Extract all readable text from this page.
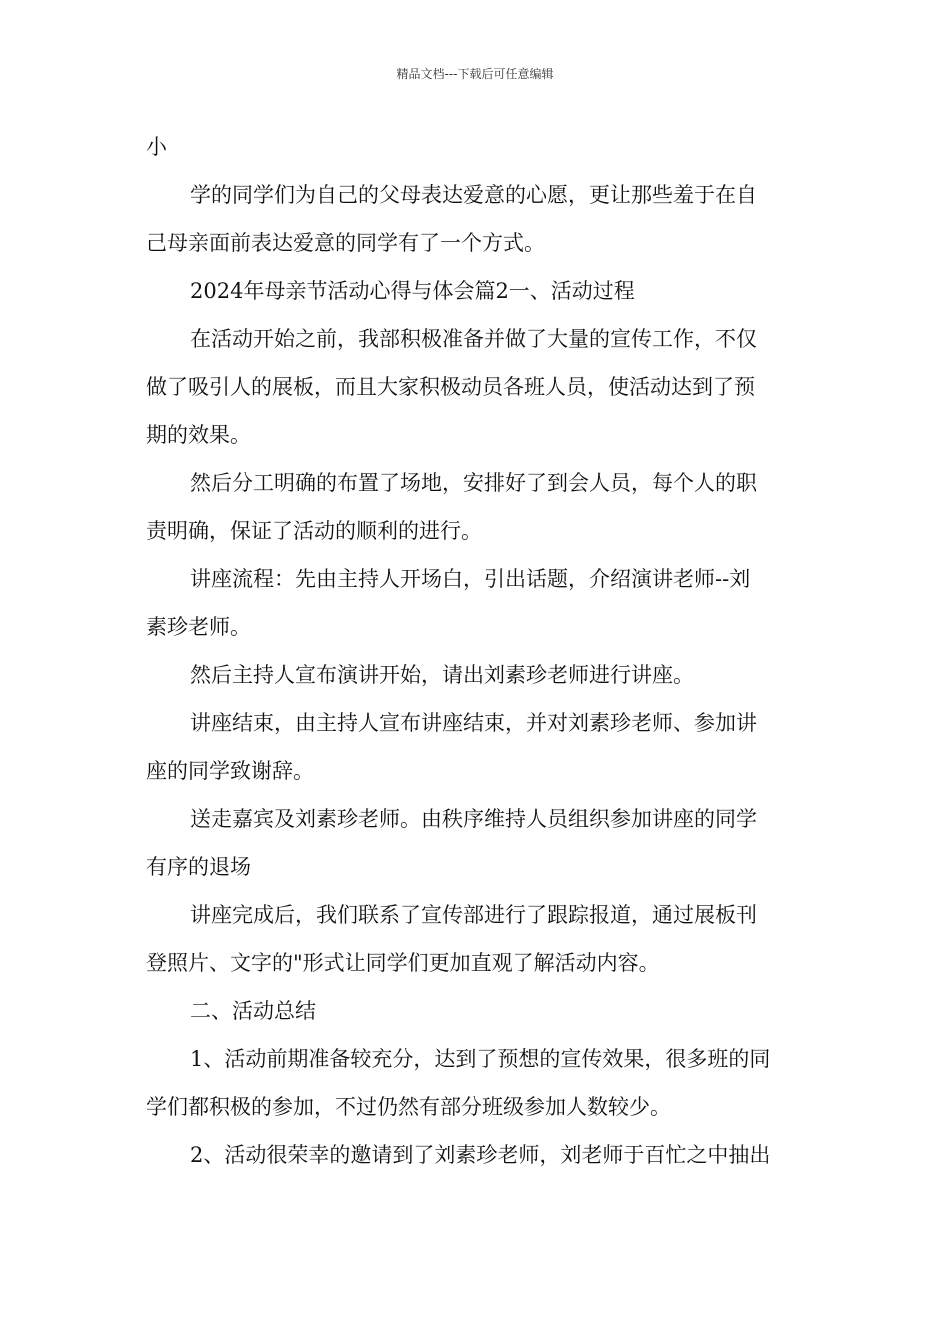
精品文档---下载后可任意编辑
小
学的同学们为自己的父母表达爱意的心愿，更让那些羞于在自
己母亲面前表达爱意的同学有了一个方式。
2024年母亲节活动心得与体会篇2一、活动过程
在活动开始之前，我部积极准备并做了大量的宣传工作，不仅
做了吸引人的展板，而且大家积极动员各班人员，使活动达到了预
期的效果。
然后分工明确的布置了场地，安排好了到会人员，每个人的职
责明确，保证了活动的顺利的进行。
讲座流程：先由主持人开场白，引出话题，介绍演讲老师--刘
素珍老师。
然后主持人宣布演讲开始，请出刘素珍老师进行讲座。
讲座结束，由主持人宣布讲座结束，并对刘素珍老师、参加讲
座的同学致谢辞。
送走嘉宾及刘素珍老师。由秩序维持人员组织参加讲座的同学
有序的退场
讲座完成后，我们联系了宣传部进行了跟踪报道，通过展板刊
登照片、文字的"形式让同学们更加直观了解活动内容。
二、活动总结
1、活动前期准备较充分，达到了预想的宣传效果，很多班的同
学们都积极的参加，不过仍然有部分班级参加人数较少。
2、活动很荣幸的邀请到了刘素珍老师，刘老师于百忙之中抽出
